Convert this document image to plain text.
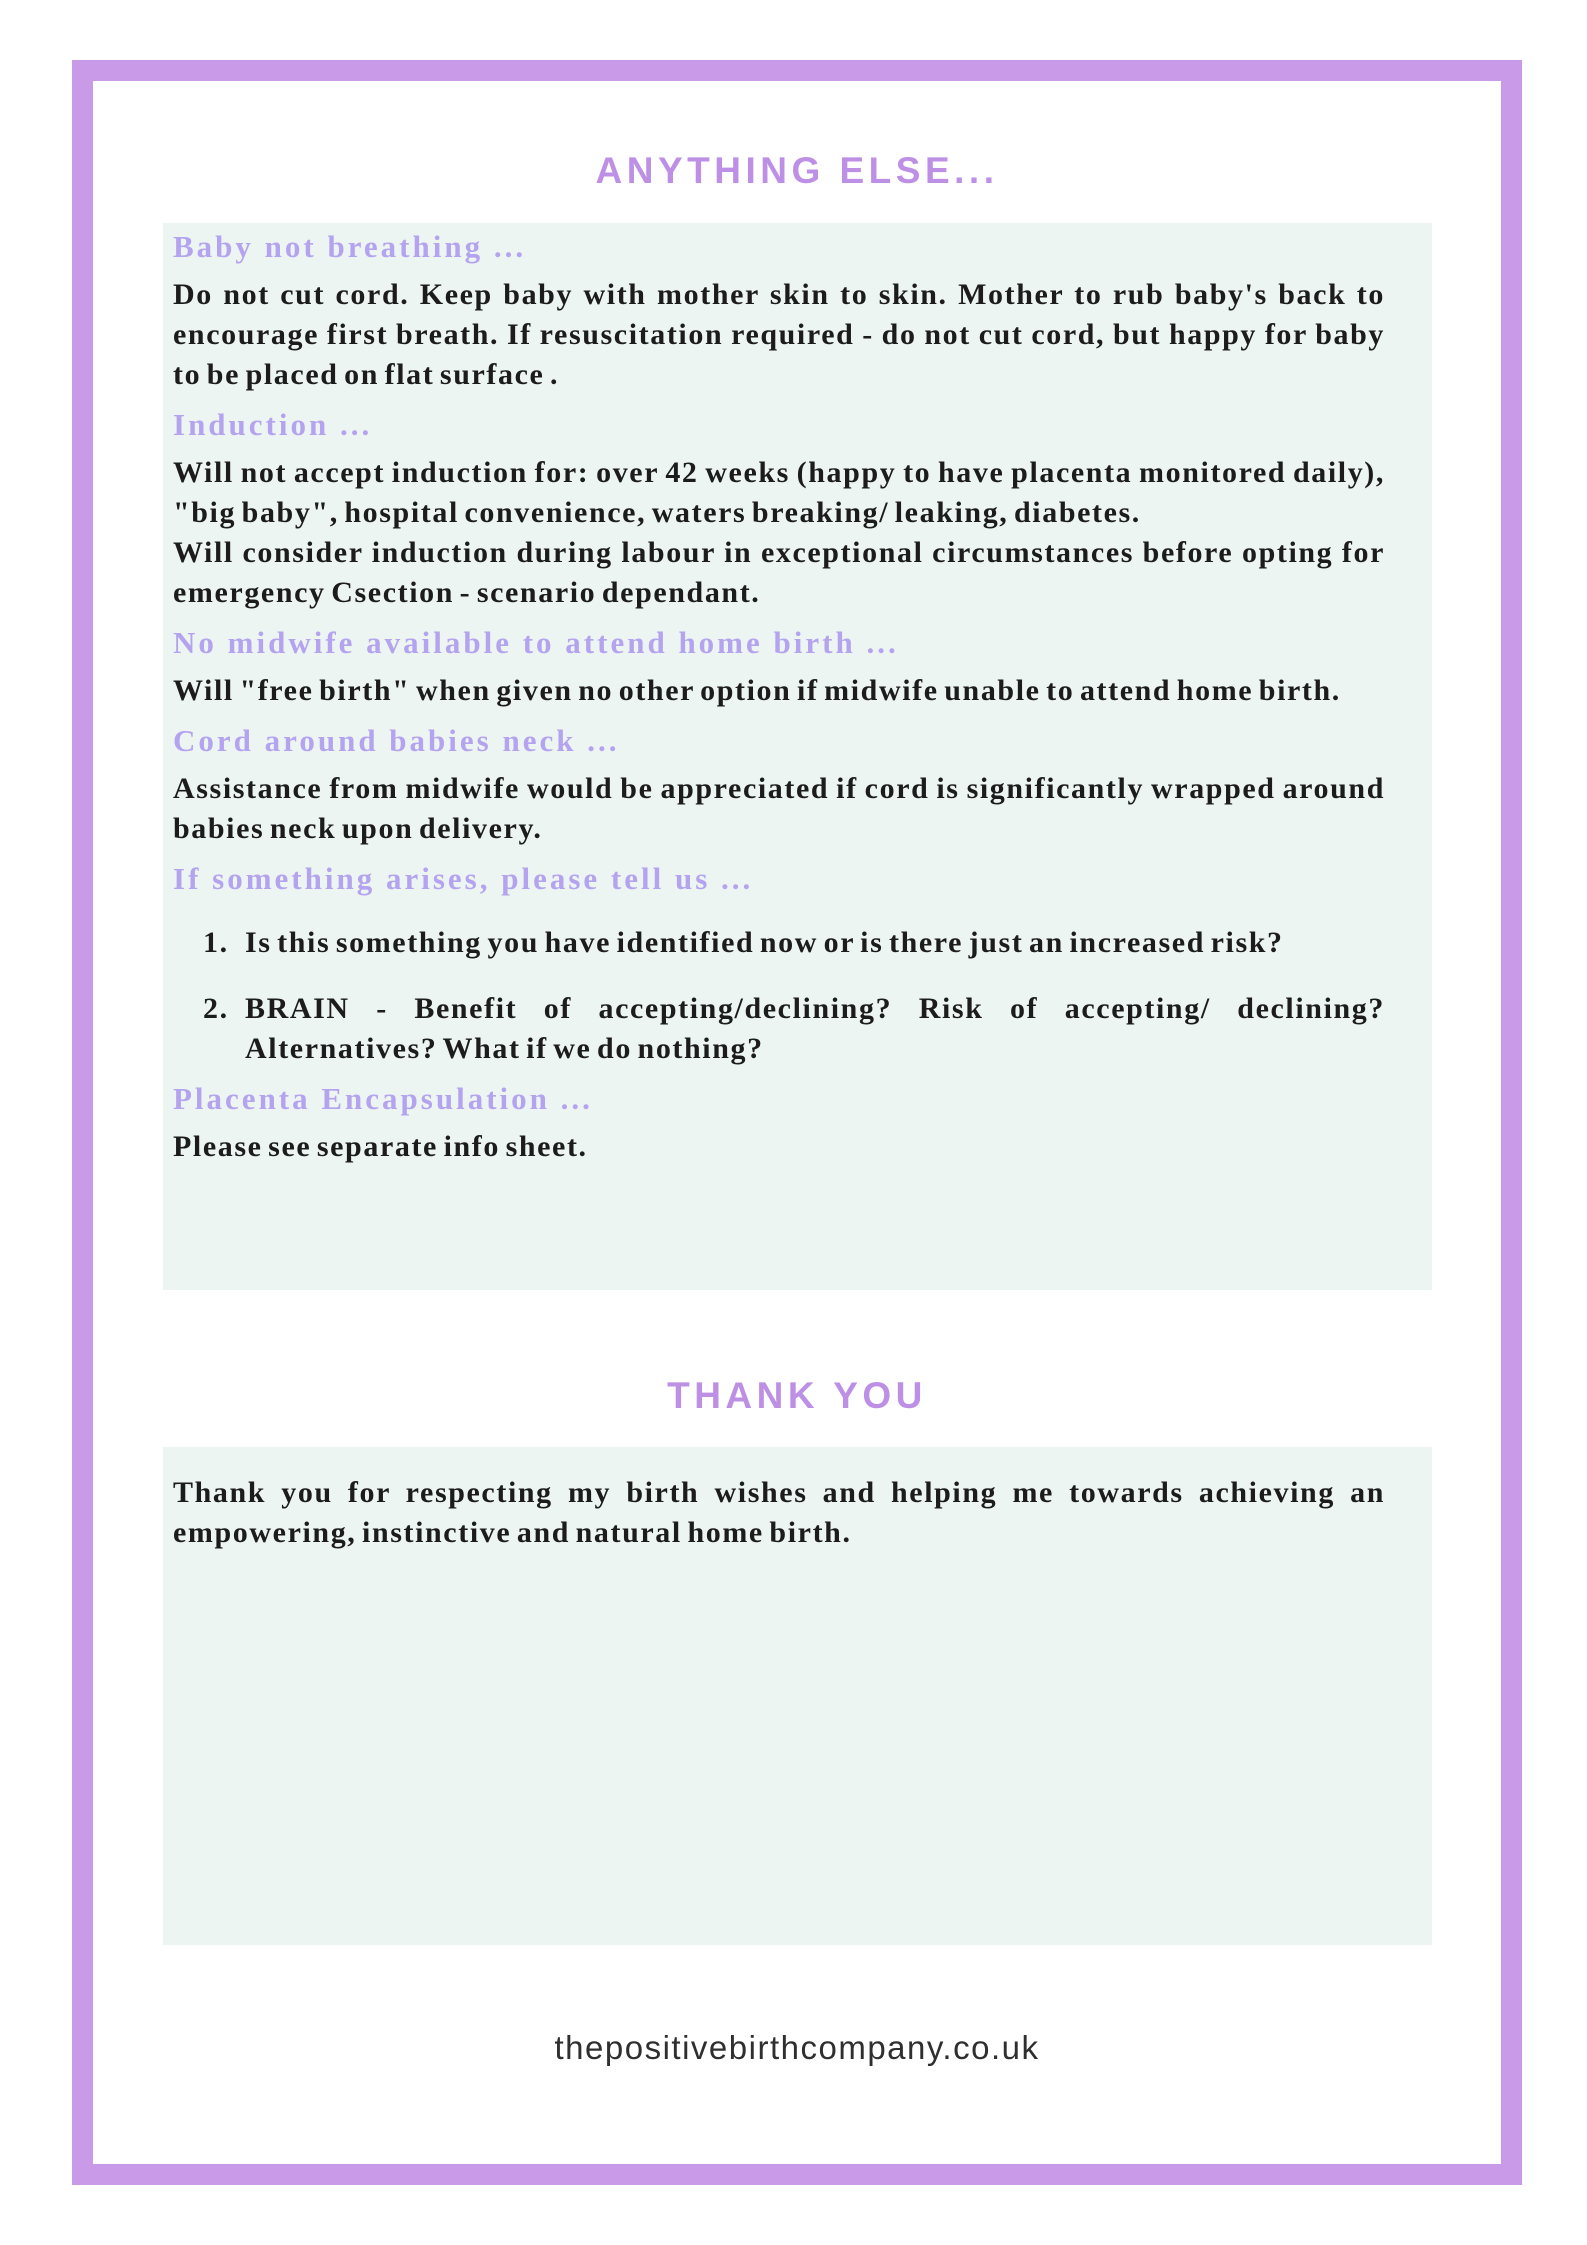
ANYTHING ELSE...
Baby not breathing ...

Do not cut cord. Keep baby with mother skin to skin. Mother to rub baby's back to encourage first breath. If resuscitation required - do not cut cord, but happy for baby to be placed on flat surface .

Induction ...

Will not accept induction for: over 42 weeks (happy to have placenta monitored daily), "big baby", hospital convenience, waters breaking/ leaking, diabetes.

Will consider induction during labour in exceptional circumstances before opting for emergency Csection - scenario dependant.

No midwife available to attend home birth ...

Will "free birth" when given no other option if midwife unable to attend home birth.

Cord around babies neck ...

Assistance from midwife would be appreciated if cord is significantly wrapped around babies neck upon delivery.

If something arises, please tell us ...
1. Is this something you have identified now or is there just an increased risk?
2. BRAIN - Benefit of accepting/declining? Risk of accepting/ declining? Alternatives? What if we do nothing?
Placenta Encapsulation ...

Please see separate info sheet.

THANK YOU

Thank you for respecting my birth wishes and helping me towards achieving an empowering, instinctive and natural home birth.

thepositivebirthcompany.co.uk
